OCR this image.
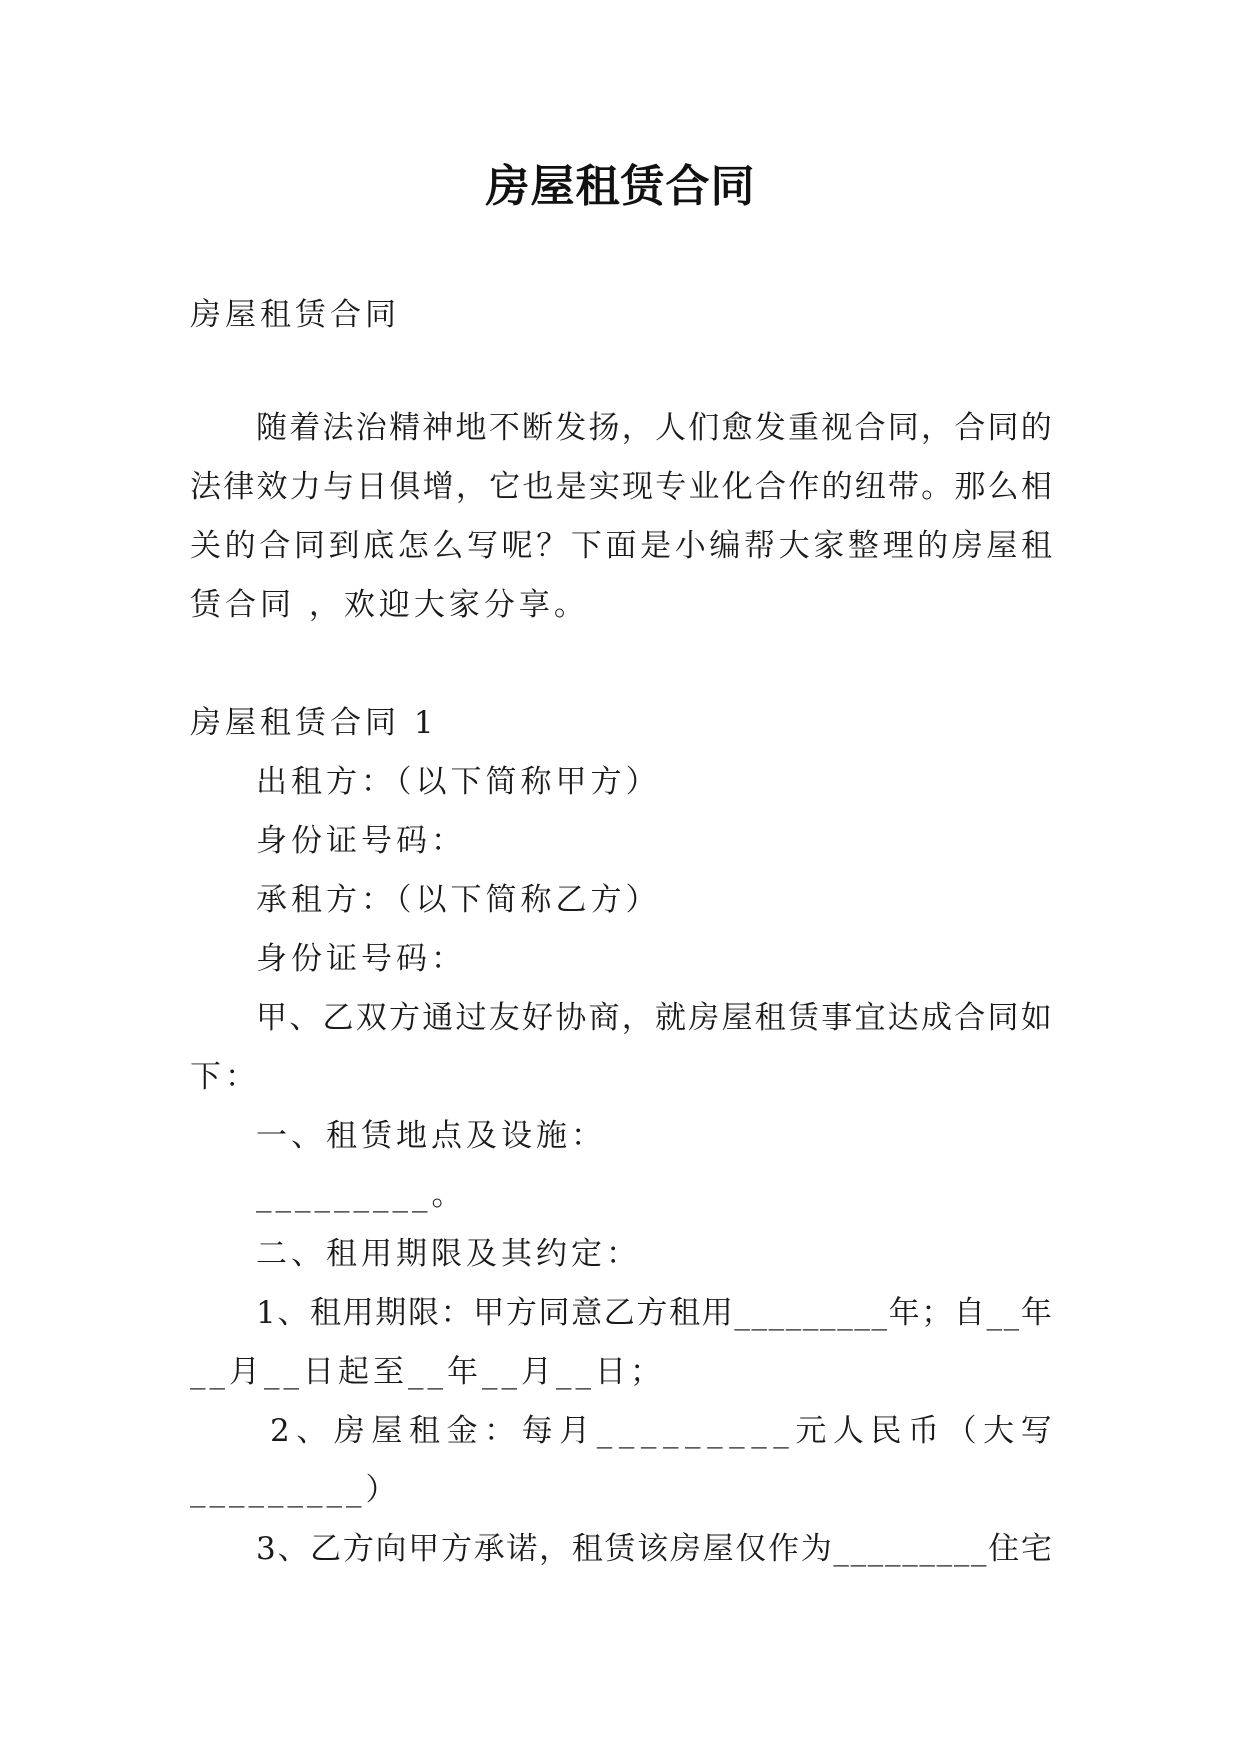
房屋租赁合同
房屋租赁合同
随 着 法 治 精 神 地 不 断 发 扬 ， 人 们 愈 发 重 视 合 同 ， 合 同 的
法 律 效 力 与 日 俱 增 ， 它 也 是 实 现 专 业 化 合 作 的 纽 带 。 那 么 相
关 的 合 同 到 底 怎 么 写 呢 ？ 下 面 是 小 编 帮 大 家 整 理 的 房 屋 租
赁合同 ，欢迎大家分享。
房屋租赁合同 1
出租方：（以下简称甲方）
身份证号码：
承租方：（以下简称乙方）
身份证号码：
甲 、 乙 双 方 通 过 友 好 协 商 ， 就 房 屋 租 赁 事 宜 达 成 合 同 如
下：
一、租赁地点及设施：
_________。
二、租用期限及其约定：
1 、 租 用 期 限 ： 甲 方 同 意 乙 方 租 用 _ _ _ _ _ _ _ _ _ 年 ； 自 _ _ 年
__月__日起至__年__月__日；
2 、 房 屋 租 金 ： 每 月 _ _ _ _ _ _ _ _ _ 元 人 民 币 （ 大 写
_________）
3 、 乙 方 向 甲 方 承 诺 ， 租 赁 该 房 屋 仅 作 为 _ _ _ _ _ _ _ _ _ 住 宅
